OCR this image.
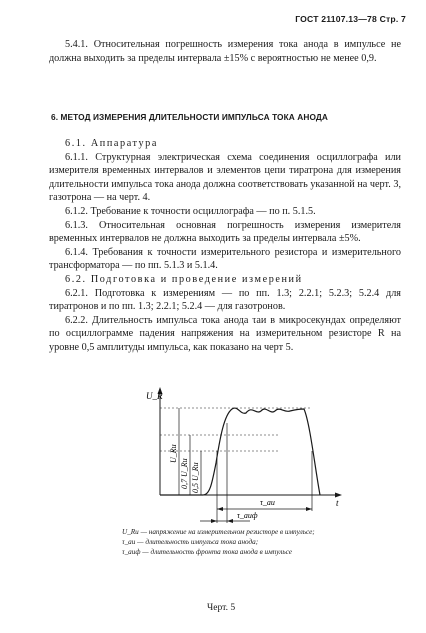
ГОСТ 21107.13—78 Стр. 7

5.4.1. Относительная погрешность измерения тока анода в импульсе не должна выходить за пределы интервала ±15% с вероятностью не менее 0,9.

6. МЕТОД ИЗМЕРЕНИЯ ДЛИТЕЛЬНОСТИ ИМПУЛЬСА ТОКА АНОДА

6.1. Аппаратура

6.1.1. Структурная электрическая схема соединения осциллографа или измерителя временных интервалов и элементов цепи тиратрона для измерения длительности импульса тока анода должна соответствовать указанной на черт. 3, газотрона — на черт. 4.

6.1.2. Требование к точности осциллографа — по п. 5.1.5.

6.1.3. Относительная основная погрешность измерения измерителя временных интервалов не должна выходить за пределы интервала ±5%.

6.1.4. Требования к точности измерительного резистора и измерительного трансформатора — по пп. 5.1.3 и 5.1.4.

6.2. Подготовка и проведение измерений

6.2.1. Подготовка к измерениям — по пп. 1.3; 2.2.1; 5.2.3; 5.2.4 для тиратронов и по пп. 1.3; 2.2.1; 5.2.4 — для газотронов.

6.2.2. Длительность импульса тока анода τаи в микросекундах определяют по осциллограмме падения напряжения на измерительном резисторе R на уровне 0,5 амплитуды импульса, как показано на черт 5.

U_R
t
U_Rи
0,7 U_Rи 0,5 U_Rи
τ_аи
τ_аиф

U_Rи — напряжение на измерительном резисторе в импульсе;

τ_аи — длительность импульса тока анода;

τ_аиф — длительность фронта тока анода в импульсе

Черт. 5
